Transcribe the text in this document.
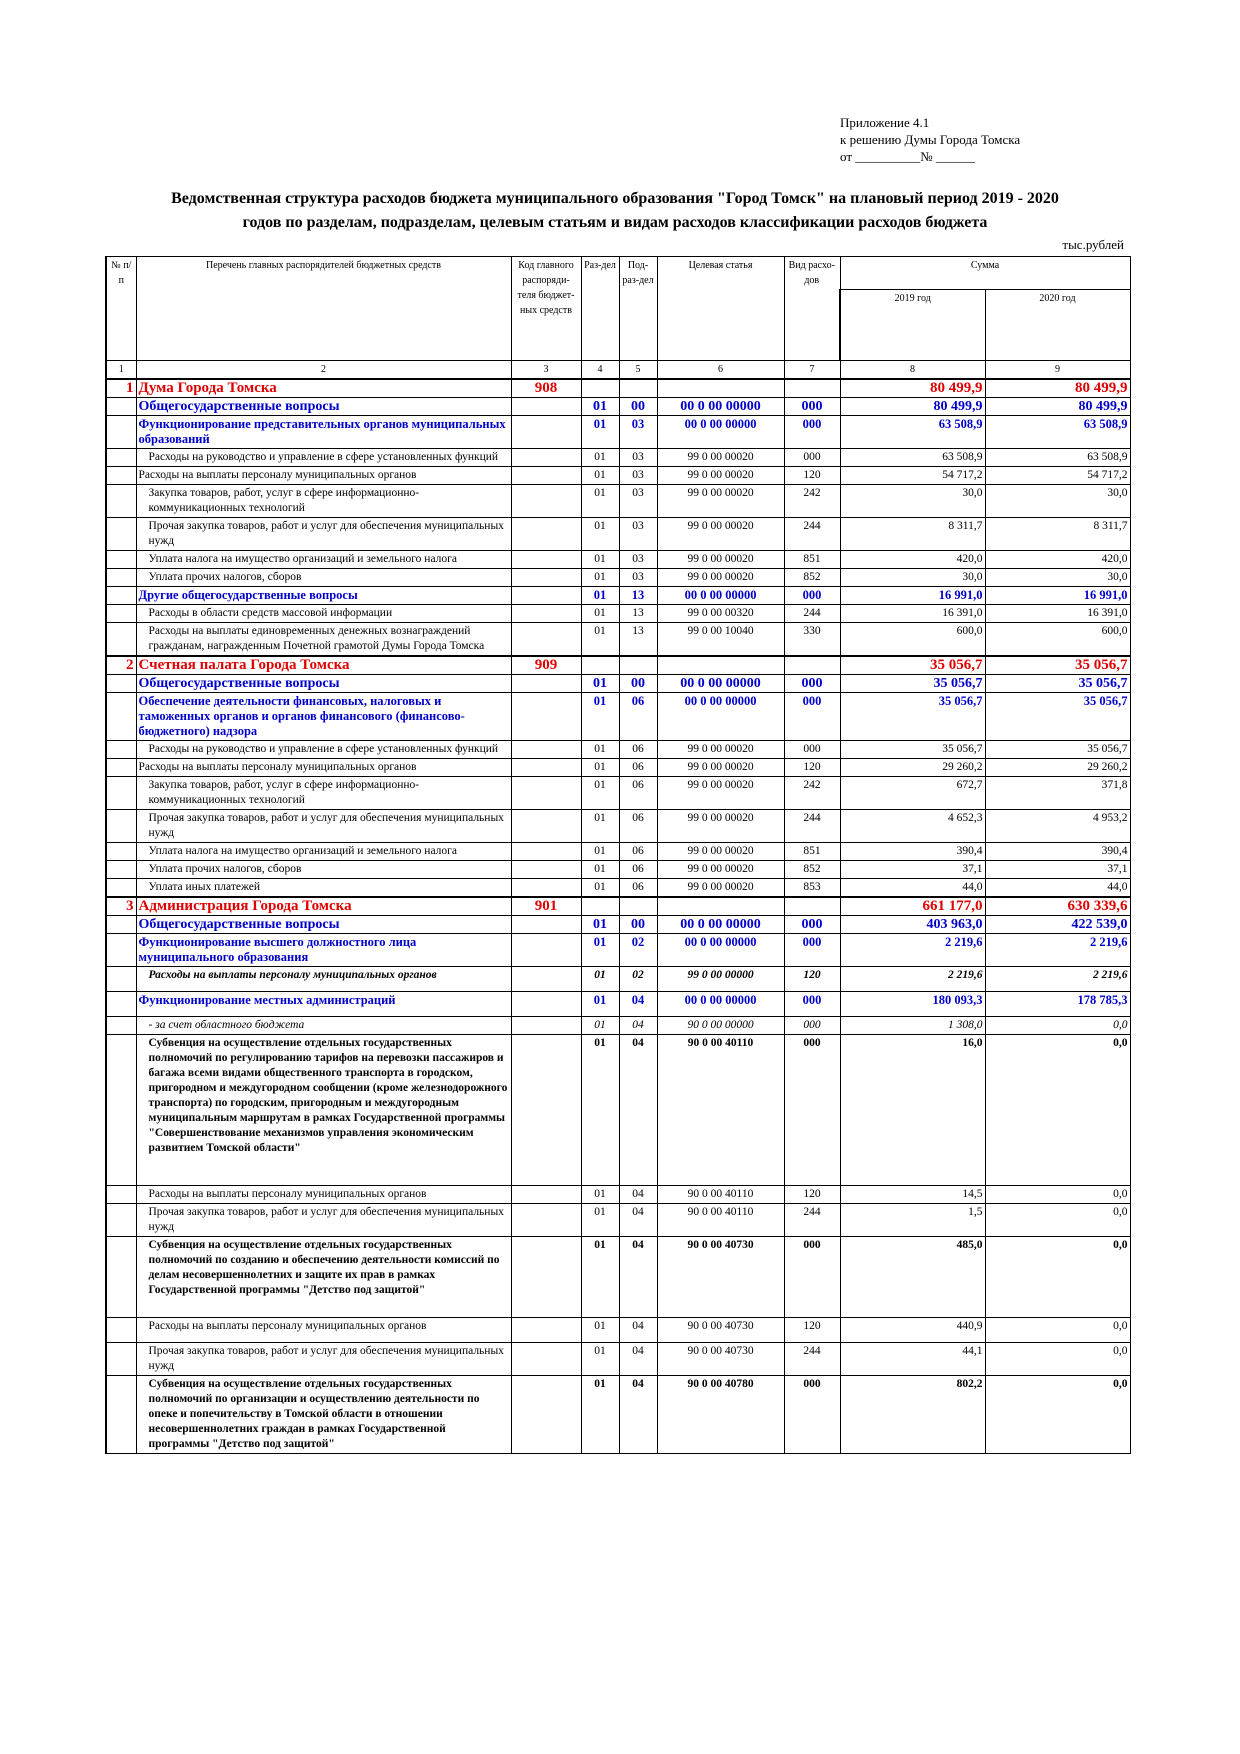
Приложение 4.1
к решению Думы Города Томска
от __________№ ______
Ведомственная структура расходов бюджета муниципального образования "Город Томск" на плановый период 2019 - 2020
годов по разделам, подразделам, целевым статьям и видам расходов классификации расходов бюджета
тыс.рублей
№ п/п	Перечень главных распорядителей бюджетных средств	Код главного распоряди-теля бюджет-ных средств	Раз-дел	Под-раз-дел	Целевая статья	Вид расхо-дов	Сумма	
							2019 год	2020 год
1	2	3	4	5	6	7	8	9
1	Дума Города Томска	908					80 499,9	80 499,9
	Общегосударственные вопросы		01	00	00 0 00 00000	000	80 499,9	80 499,9
	Функционирование представительных органов муниципальных образований		01	03	00 0 00 00000	000	63 508,9	63 508,9
	Расходы на руководство и управление в сфере установленных функций		01	03	99 0 00 00020	000	63 508,9	63 508,9
	Расходы на выплаты персоналу муниципальных органов		01	03	99 0 00 00020	120	54 717,2	54 717,2
	Закупка товаров, работ, услуг в сфере информационно-коммуникационных технологий		01	03	99 0 00 00020	242	30,0	30,0
	Прочая закупка товаров, работ и услуг для обеспечения муниципальных нужд		01	03	99 0 00 00020	244	8 311,7	8 311,7
	Уплата налога на имущество организаций и земельного налога		01	03	99 0 00 00020	851	420,0	420,0
	Уплата прочих налогов, сборов		01	03	99 0 00 00020	852	30,0	30,0
	Другие общегосударственные вопросы		01	13	00 0 00 00000	000	16 991,0	16 991,0
	Расходы в области средств массовой информации		01	13	99 0 00 00320	244	16 391,0	16 391,0
	Расходы на выплаты единовременных денежных вознаграждений гражданам, награжденным Почетной грамотой Думы Города Томска		01	13	99 0 00 10040	330	600,0	600,0
2	Счетная палата Города Томска	909					35 056,7	35 056,7
	Общегосударственные вопросы		01	00	00 0 00 00000	000	35 056,7	35 056,7
	Обеспечение деятельности финансовых, налоговых и таможенных органов и органов финансового (финансово-бюджетного) надзора		01	06	00 0 00 00000	000	35 056,7	35 056,7
	Расходы на руководство и управление в сфере установленных функций		01	06	99 0 00 00020	000	35 056,7	35 056,7
	Расходы на выплаты персоналу муниципальных органов		01	06	99 0 00 00020	120	29 260,2	29 260,2
	Закупка товаров, работ, услуг в сфере информационно-коммуникационных технологий		01	06	99 0 00 00020	242	672,7	371,8
	Прочая закупка товаров, работ и услуг для обеспечения муниципальных нужд		01	06	99 0 00 00020	244	4 652,3	4 953,2
	Уплата налога на имущество организаций и земельного налога		01	06	99 0 00 00020	851	390,4	390,4
	Уплата прочих налогов, сборов		01	06	99 0 00 00020	852	37,1	37,1
	Уплата иных платежей		01	06	99 0 00 00020	853	44,0	44,0
3	Администрация Города Томска	901					661 177,0	630 339,6
	Общегосударственные вопросы		01	00	00 0 00 00000	000	403 963,0	422 539,0
	Функционирование высшего должностного лица муниципального образования		01	02	00 0 00 00000	000	2 219,6	2 219,6
	Расходы на выплаты персоналу муниципальных органов		01	02	99 0 00 00000	120	2 219,6	2 219,6
	Функционирование местных администраций		01	04	00 0 00 00000	000	180 093,3	178 785,3
	- за счет областного бюджета		01	04	90 0 00 00000	000	1 308,0	0,0
	Субвенция на осуществление отдельных государственных полномочий по регулированию тарифов на перевозки пассажиров и багажа всеми видами общественного транспорта в городском, пригородном и междугородном сообщении (кроме железнодорожного транспорта) по городским, пригородным и междугородным муниципальным маршрутам в рамках Государственной программы "Совершенствование механизмов управления экономическим развитием Томской области"		01	04	90 0 00 40110	000	16,0	0,0
	Расходы на выплаты персоналу муниципальных органов		01	04	90 0 00 40110	120	14,5	0,0
	Прочая закупка товаров, работ и услуг для обеспечения муниципальных нужд		01	04	90 0 00 40110	244	1,5	0,0
	Субвенция на осуществление отдельных государственных полномочий по созданию и обеспечению деятельности комиссий по делам несовершеннолетних и защите их прав в рамках Государственной программы "Детство под защитой"		01	04	90 0 00 40730	000	485,0	0,0
	Расходы на выплаты персоналу муниципальных органов		01	04	90 0 00 40730	120	440,9	0,0
	Прочая закупка товаров, работ и услуг для обеспечения муниципальных нужд		01	04	90 0 00 40730	244	44,1	0,0
	Субвенция на осуществление отдельных государственных полномочий по организации и осуществлению деятельности по опеке и попечительству в Томской области в отношении несовершеннолетних граждан в рамках Государственной программы "Детство под защитой"		01	04	90 0 00 40780	000	802,2	0,0
